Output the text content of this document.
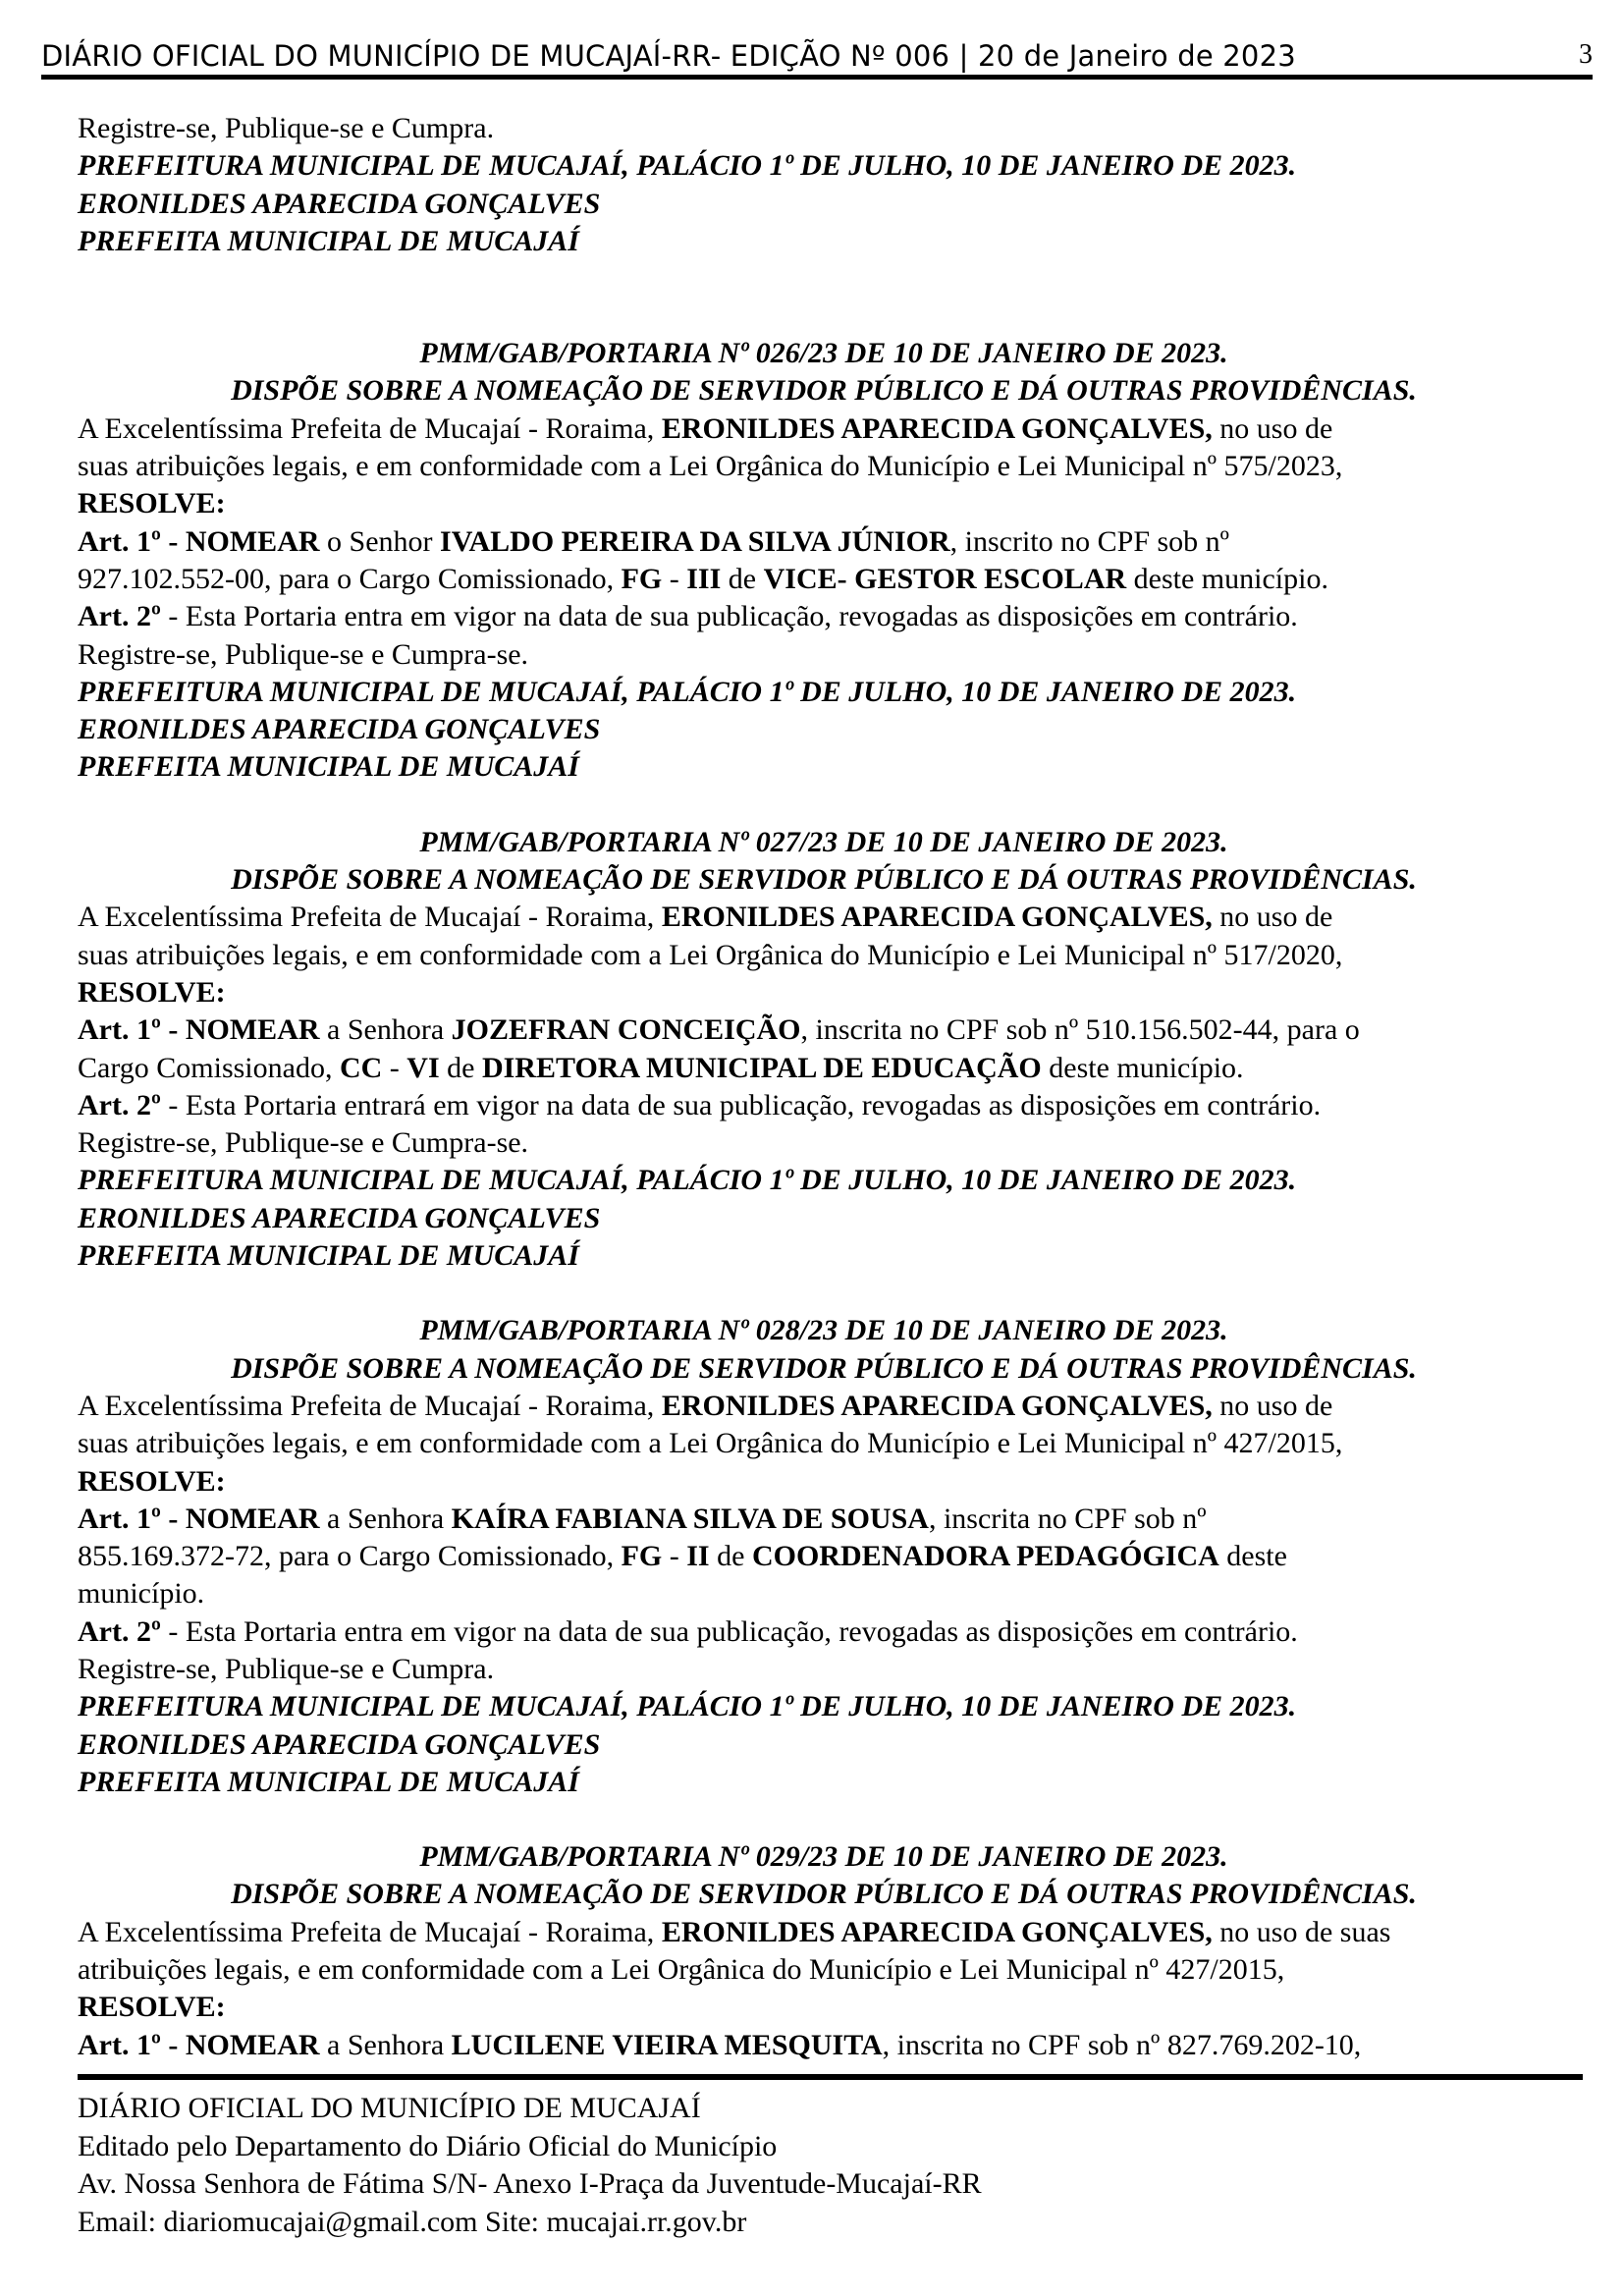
DIÁRIO OFICIAL DO MUNICÍPIO DE MUCAJAÍ-RR- EDIÇÃO Nº 006 | 20 de Janeiro de 2023	3

Registre-se, Publique-se e Cumpra.

PREFEITURA MUNICIPAL DE MUCAJAÍ, PALÁCIO 1º DE JULHO, 10 DE JANEIRO DE 2023.

ERONILDES APARECIDA GONÇALVES

PREFEITA MUNICIPAL DE MUCAJAÍ

PMM/GAB/PORTARIA Nº 026/23 DE 10 DE JANEIRO DE 2023.

DISPÕE SOBRE A NOMEAÇÃO DE SERVIDOR PÚBLICO E DÁ OUTRAS PROVIDÊNCIAS.

A Excelentíssima Prefeita de Mucajaí - Roraima, ERONILDES APARECIDA GONÇALVES, no uso de

suas atribuições legais, e em conformidade com a Lei Orgânica do Município e Lei Municipal nº 575/2023,

RESOLVE:

Art. 1º - NOMEAR o Senhor IVALDO PEREIRA DA SILVA JÚNIOR, inscrito no CPF sob nº

927.102.552-00, para o Cargo Comissionado, FG - III de VICE- GESTOR ESCOLAR deste município.

Art. 2º - Esta Portaria entra em vigor na data de sua publicação, revogadas as disposições em contrário.

Registre-se, Publique-se e Cumpra-se.

PREFEITURA MUNICIPAL DE MUCAJAÍ, PALÁCIO 1º DE JULHO, 10 DE JANEIRO DE 2023.

ERONILDES APARECIDA GONÇALVES

PREFEITA MUNICIPAL DE MUCAJAÍ

PMM/GAB/PORTARIA Nº 027/23 DE 10 DE JANEIRO DE 2023.

DISPÕE SOBRE A NOMEAÇÃO DE SERVIDOR PÚBLICO E DÁ OUTRAS PROVIDÊNCIAS.

A Excelentíssima Prefeita de Mucajaí - Roraima, ERONILDES APARECIDA GONÇALVES, no uso de

suas atribuições legais, e em conformidade com a Lei Orgânica do Município e Lei Municipal nº 517/2020,

RESOLVE:

Art. 1º - NOMEAR a Senhora JOZEFRAN CONCEIÇÃO, inscrita no CPF sob nº 510.156.502-44, para o

Cargo Comissionado, CC - VI de DIRETORA MUNICIPAL DE EDUCAÇÃO deste município.

Art. 2º - Esta Portaria entrará em vigor na data de sua publicação, revogadas as disposições em contrário.

Registre-se, Publique-se e Cumpra-se.

PREFEITURA MUNICIPAL DE MUCAJAÍ, PALÁCIO 1º DE JULHO, 10 DE JANEIRO DE 2023.

ERONILDES APARECIDA GONÇALVES

PREFEITA MUNICIPAL DE MUCAJAÍ

PMM/GAB/PORTARIA Nº 028/23 DE 10 DE JANEIRO DE 2023.

DISPÕE SOBRE A NOMEAÇÃO DE SERVIDOR PÚBLICO E DÁ OUTRAS PROVIDÊNCIAS.

A Excelentíssima Prefeita de Mucajaí - Roraima, ERONILDES APARECIDA GONÇALVES, no uso de

suas atribuições legais, e em conformidade com a Lei Orgânica do Município e Lei Municipal nº 427/2015,

RESOLVE:

Art. 1º - NOMEAR a Senhora KAÍRA FABIANA SILVA DE SOUSA, inscrita no CPF sob nº

855.169.372-72, para o Cargo Comissionado, FG - II de COORDENADORA PEDAGÓGICA deste

município.

Art. 2º - Esta Portaria entra em vigor na data de sua publicação, revogadas as disposições em contrário.

Registre-se, Publique-se e Cumpra.

PREFEITURA MUNICIPAL DE MUCAJAÍ, PALÁCIO 1º DE JULHO, 10 DE JANEIRO DE 2023.

ERONILDES APARECIDA GONÇALVES

PREFEITA MUNICIPAL DE MUCAJAÍ

PMM/GAB/PORTARIA Nº 029/23 DE 10 DE JANEIRO DE 2023.

DISPÕE SOBRE A NOMEAÇÃO DE SERVIDOR PÚBLICO E DÁ OUTRAS PROVIDÊNCIAS.

A Excelentíssima Prefeita de Mucajaí - Roraima, ERONILDES APARECIDA GONÇALVES, no uso de suas

atribuições legais, e em conformidade com a Lei Orgânica do Município e Lei Municipal nº 427/2015,

RESOLVE:

Art. 1º - NOMEAR a Senhora LUCILENE VIEIRA MESQUITA, inscrita no CPF sob nº 827.769.202-10,

DIÁRIO OFICIAL DO MUNICÍPIO DE MUCAJAÍ

Editado pelo Departamento do Diário Oficial do Município

Av. Nossa Senhora de Fátima S/N- Anexo I-Praça da Juventude-Mucajaí-RR

Email: diariomucajai@gmail.com Site: mucajai.rr.gov.br
